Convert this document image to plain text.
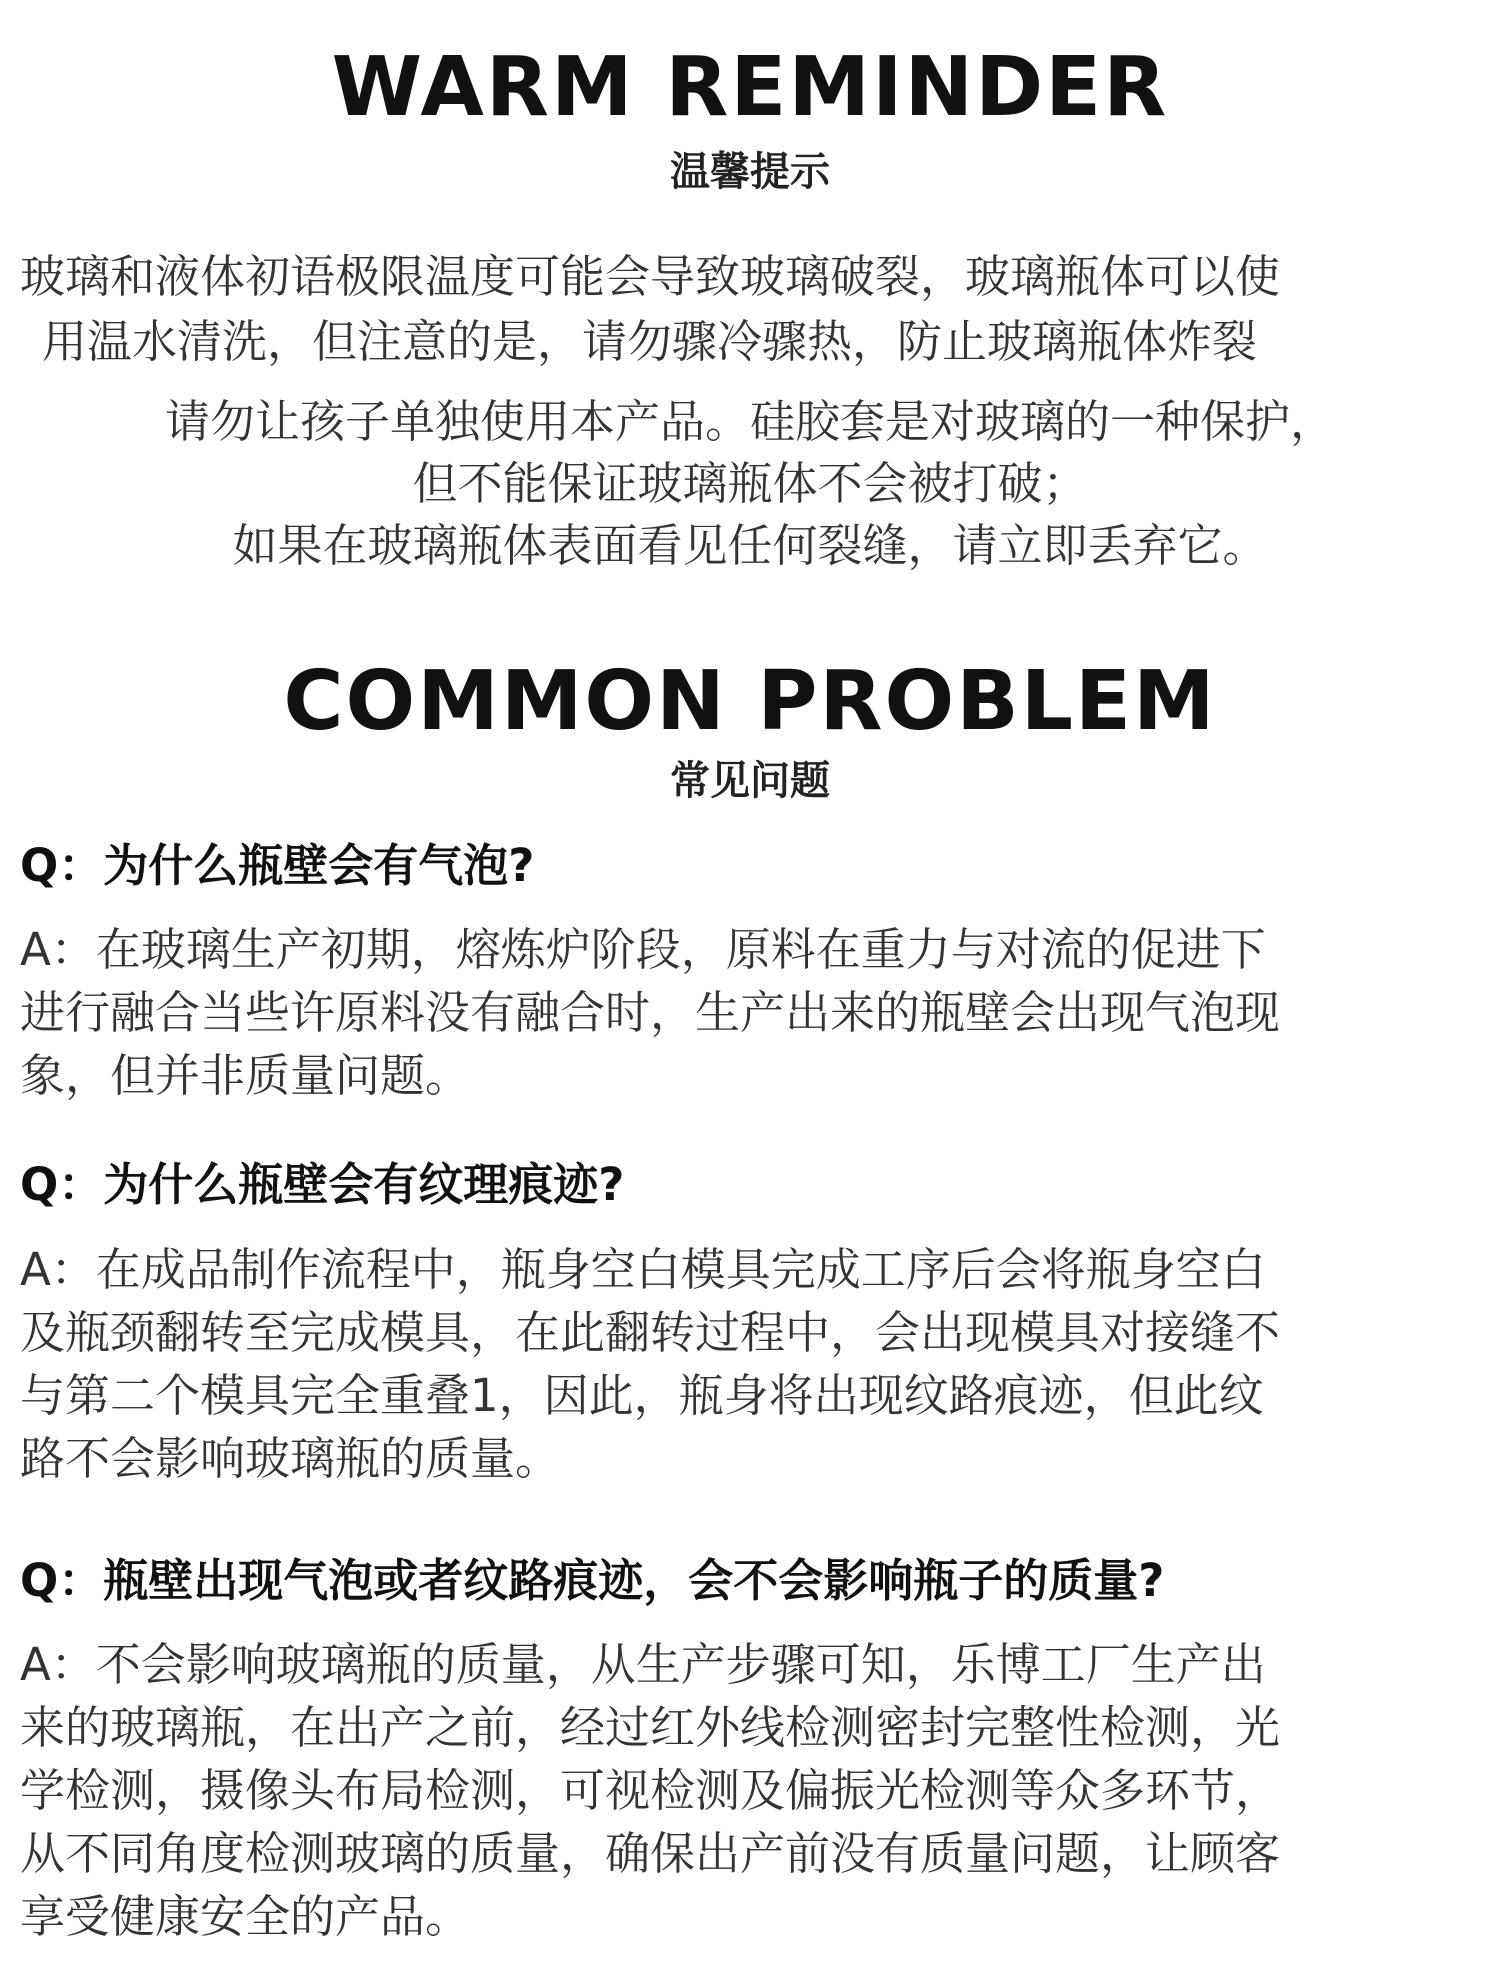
WARM REMINDER
温馨提示
玻璃和液体初语极限温度可能会导致玻璃破裂，玻璃瓶体可以使
用温水清洗，但注意的是，请勿骤冷骤热，防止玻璃瓶体炸裂
请勿让孩子单独使用本产品。硅胶套是对玻璃的一种保护，
但不能保证玻璃瓶体不会被打破；
如果在玻璃瓶体表面看见任何裂缝，请立即丢弃它。
COMMON PROBLEM
常见问题
Q：为什么瓶壁会有气泡?
A：在玻璃生产初期，熔炼炉阶段，原料在重力与对流的促进下
进行融合当些许原料没有融合时，生产出来的瓶壁会出现气泡现
象，但并非质量问题。
Q：为什么瓶壁会有纹理痕迹?
A：在成品制作流程中，瓶身空白模具完成工序后会将瓶身空白
及瓶颈翻转至完成模具，在此翻转过程中，会出现模具对接缝不
与第二个模具完全重叠1，因此，瓶身将出现纹路痕迹，但此纹
路不会影响玻璃瓶的质量。
Q：瓶壁出现气泡或者纹路痕迹，会不会影响瓶子的质量?
A：不会影响玻璃瓶的质量，从生产步骤可知，乐博工厂生产出
来的玻璃瓶，在出产之前，经过红外线检测密封完整性检测，光
学检测，摄像头布局检测，可视检测及偏振光检测等众多环节，
从不同角度检测玻璃的质量，确保出产前没有质量问题，让顾客
享受健康安全的产品。
